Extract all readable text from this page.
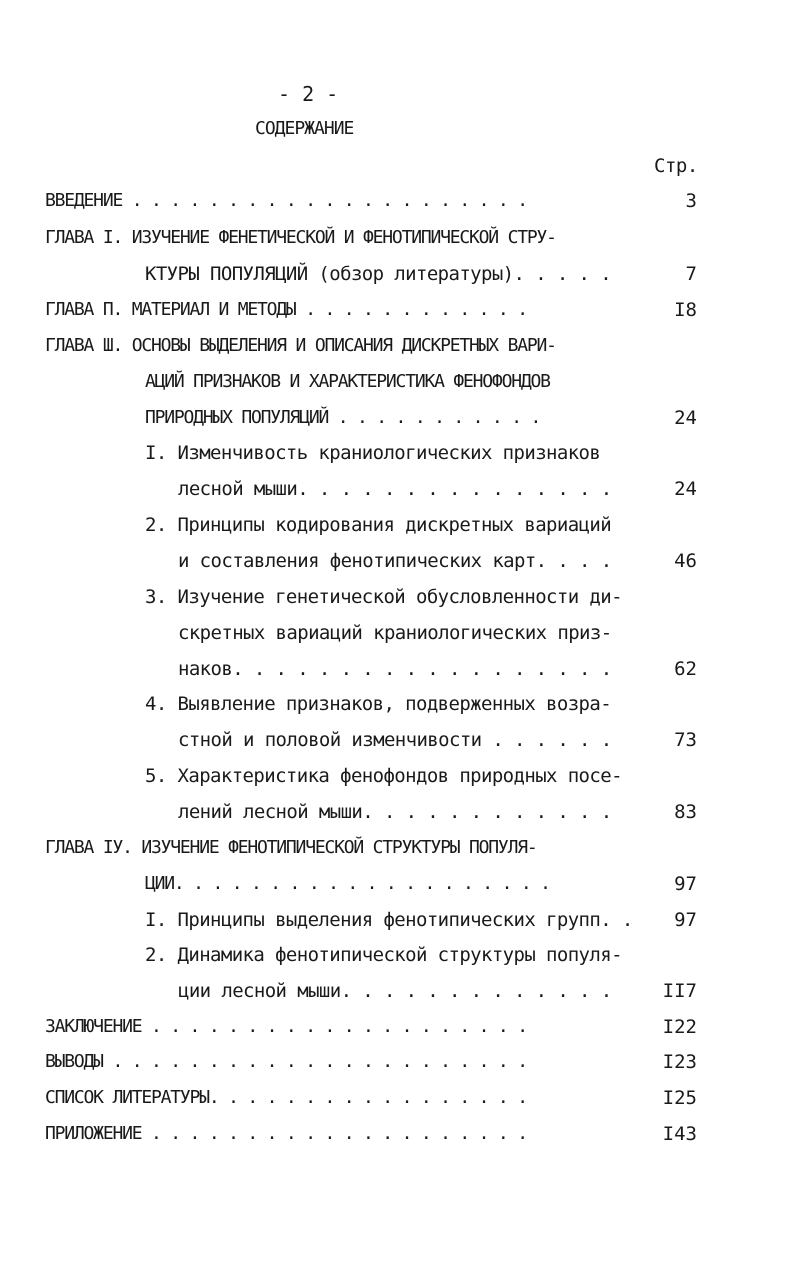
- 2 -
СОДЕРЖАНИЕ
Стр.
ВВЕДЕНИЕ . . . . . . . . . . . . . . . . . . . . .	3
ГЛАВА I. ИЗУЧЕНИЕ ФЕНЕТИЧЕСКОЙ И ФЕНОТИПИЧЕСКОЙ СТРУ-
КТУРЫ ПОПУЛЯЦИЙ (обзор литературы). . . . .	7
ГЛАВА П. МАТЕРИАЛ И МЕТОДЫ . . . . . . . . . . . .	I8
ГЛАВА Ш. ОСНОВЫ ВЫДЕЛЕНИЯ И ОПИСАНИЯ ДИСКРЕТНЫХ ВАРИ-
АЦИЙ ПРИЗНАКОВ И ХАРАКТЕРИСТИКА ФЕНОФОНДОВ
ПРИРОДНЫХ ПОПУЛЯЦИЙ . . . . . . . . . . .	24
I. Изменчивость краниологических признаков
лесной мыши. . . . . . . . . . . . . . .	24
2. Принципы кодирования дискретных вариаций
и составления фенотипических карт. . . .	46
3. Изучение генетической обусловленности ди-
скретных вариаций краниологических приз-
наков. . . . . . . . . . . . . . . . . .	62
4. Выявление признаков, подверженных возра-
стной и половой изменчивости . . . . . .	73
5. Характеристика фенофондов природных посе-
лений лесной мыши. . . . . . . . . . . .	83
ГЛАВА IУ. ИЗУЧЕНИЕ ФЕНОТИПИЧЕСКОЙ СТРУКТУРЫ ПОПУЛЯ-
ЦИИ. . . . . . . . . . . . . . . . . . . .	97
I. Принципы выделения фенотипических групп. . 97
2. Динамика фенотипической структуры популя-
ции лесной мыши. . . . . . . . . . . . .	II7
ЗАКЛЮЧЕНИЕ . . . . . . . . . . . . . . . . . . . .	I22
ВЫВОДЫ . . . . . . . . . . . . . . . . . . . . . .	I23
СПИСОК ЛИТЕРАТУРЫ. . . . . . . . . . . . . . . . .	I25
ПРИЛОЖЕНИЕ . . . . . . . . . . . . . . . . . . . .	I43
